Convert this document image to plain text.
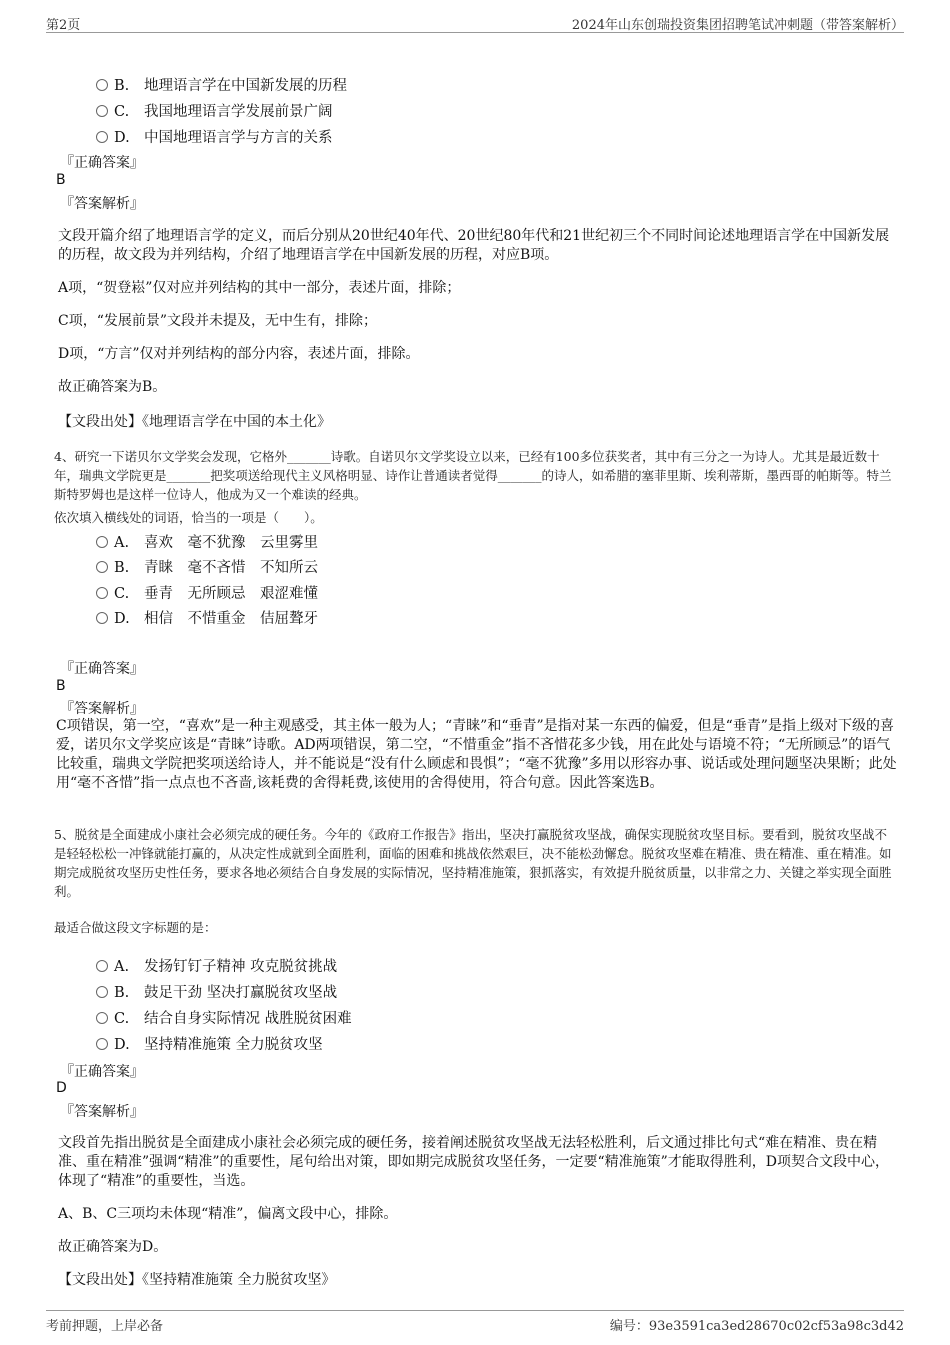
第2页	2024年山东创瑞投资集团招聘笔试冲刺题（带答案解析）
B. 地理语言学在中国新发展的历程
C. 我国地理语言学发展前景广阔
D. 中国地理语言学与方言的关系
『正确答案』
B
『答案解析』
文段开篇介绍了地理语言学的定义，而后分别从20世纪40年代、20世纪80年代和21世纪初三个不同时间论述地理语言学在中国新发展的历程，故文段为并列结构，介绍了地理语言学在中国新发展的历程，对应B项。
A项，“贺登崧”仅对应并列结构的其中一部分，表述片面，排除；
C项，“发展前景”文段并未提及，无中生有，排除；
D项，“方言”仅对并列结构的部分内容，表述片面，排除。
故正确答案为B。
【文段出处】《地理语言学在中国的本土化》
4、研究一下诺贝尔文学奖会发现，它格外_______诗歌。自诺贝尔文学奖设立以来，已经有100多位获奖者，其中有三分之一为诗人。尤其是最近数十年，瑞典文学院更是_______把奖项送给现代主义风格明显、诗作让普通读者觉得_______的诗人，如希腊的塞菲里斯、埃利蒂斯，墨西哥的帕斯等。特兰斯特罗姆也是这样一位诗人，他成为又一个难读的经典。
依次填入横线处的词语，恰当的一项是（　　）。
A. 喜欢　毫不犹豫　云里雾里
B. 青睐　毫不吝惜　不知所云
C. 垂青　无所顾忌　艰涩难懂
D. 相信　不惜重金　佶屈聱牙
『正确答案』
B
『答案解析』
C项错误，第一空，“喜欢”是一种主观感受，其主体一般为人；“青睐”和“垂青”是指对某一东西的偏爱，但是“垂青”是指上级对下级的喜爱，诺贝尔文学奖应该是“青睐”诗歌。AD两项错误，第二空，“不惜重金”指不吝惜花多少钱，用在此处与语境不符；“无所顾忌”的语气比较重，瑞典文学院把奖项送给诗人，并不能说是“没有什么顾虑和畏惧”；“毫不犹豫”多用以形容办事、说话或处理问题坚决果断；此处用“毫不吝惜”指一点点也不吝啬,该耗费的舍得耗费,该使用的舍得使用，符合句意。因此答案选B。
5、脱贫是全面建成小康社会必须完成的硬任务。今年的《政府工作报告》指出，坚决打赢脱贫攻坚战，确保实现脱贫攻坚目标。要看到，脱贫攻坚战不是轻轻松松一冲锋就能打赢的，从决定性成就到全面胜利，面临的困难和挑战依然艰巨，决不能松劲懈怠。脱贫攻坚难在精准、贵在精准、重在精准。如期完成脱贫攻坚历史性任务，要求各地必须结合自身发展的实际情况，坚持精准施策，狠抓落实，有效提升脱贫质量，以非常之力、关键之举实现全面胜利。
最适合做这段文字标题的是：
A. 发扬钉钉子精神 攻克脱贫挑战
B. 鼓足干劲 坚决打赢脱贫攻坚战
C. 结合自身实际情况 战胜脱贫困难
D. 坚持精准施策 全力脱贫攻坚
『正确答案』
D
『答案解析』
文段首先指出脱贫是全面建成小康社会必须完成的硬任务，接着阐述脱贫攻坚战无法轻松胜利，后文通过排比句式“难在精准、贵在精准、重在精准”强调“精准”的重要性，尾句给出对策，即如期完成脱贫攻坚任务，一定要“精准施策”才能取得胜利，D项契合文段中心，体现了“精准”的重要性，当选。
A、B、C三项均未体现“精准”，偏离文段中心，排除。
故正确答案为D。
【文段出处】《坚持精准施策 全力脱贫攻坚》
考前押题，上岸必备	编号：93e3591ca3ed28670c02cf53a98c3d42
